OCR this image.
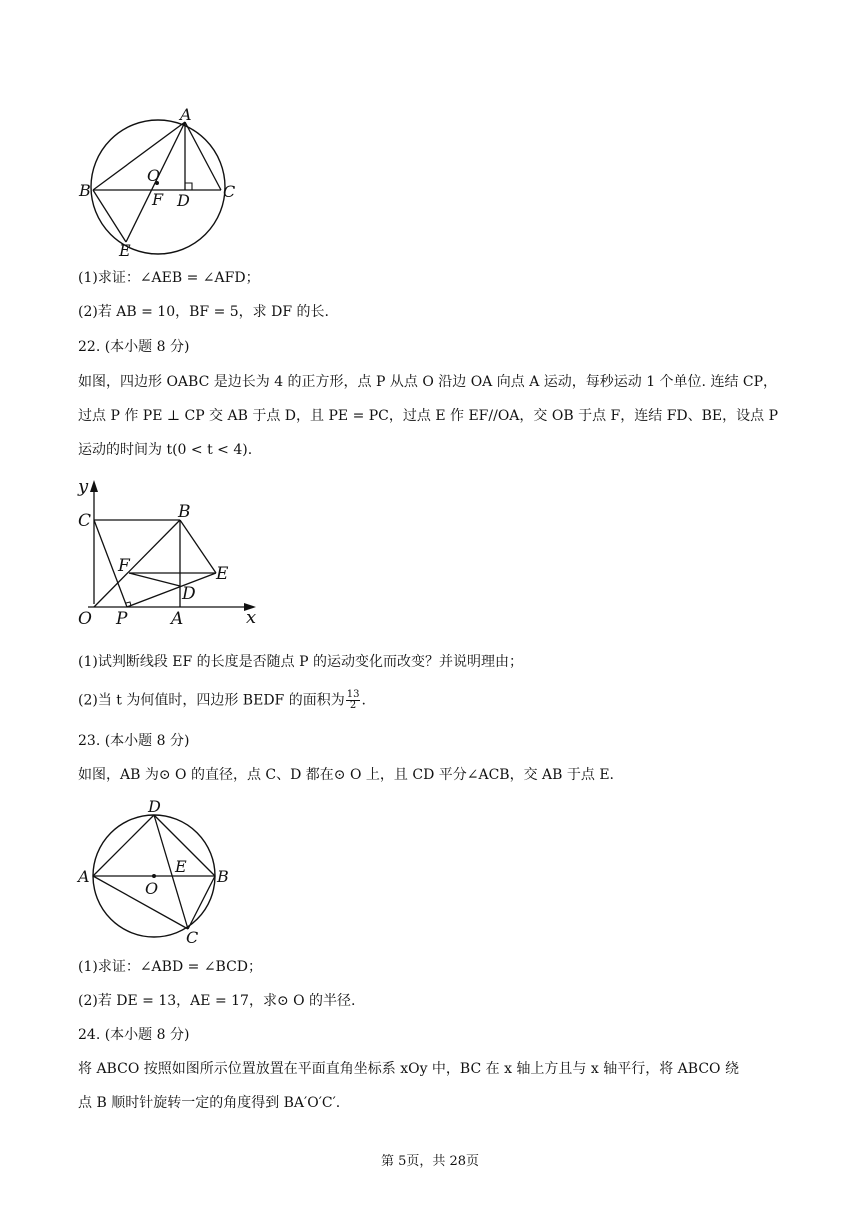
A
B	C
O
F D
E
(1)求证：∠AEB = ∠AFD；
(2)若 AB = 10，BF = 5，求 DF 的长.
22. (本小题 8 分)
如图，四边形 OABC 是边长为 4 的正方形，点 P 从点 O 沿边 OA 向点 A 运动，每秒运动 1 个单位. 连结 CP，
过点 P 作 PE ⊥ CP 交 AB 于点 D，且 PE = PC，过点 E 作 EF//OA，交 OB 于点 F，连结 FD、BE，设点 P
运动的时间为 t(0 < t < 4).
y
x
C	B
F	E
D
O P	A
(1)试判断线段 EF 的长度是否随点 P 的运动变化而改变？并说明理由；
(2)当 t 为何值时，四边形 BEDF 的面积为 $\frac{13}{2}$ .
23. (本小题 8 分)
如图，AB 为⊙ O 的直径，点 C、D 都在⊙ O 上，且 CD 平分∠ACB，交 AB 于点 E.
D
A
O
E
B
C
(1)求证：∠ABD = ∠BCD；
(2)若 DE = 13，AE = 17，求⊙ O 的半径.
24. (本小题 8 分)
将 ABCO 按照如图所示位置放置在平面直角坐标系 xOy 中，BC 在 x 轴上方且与 x 轴平行，将 ABCO 绕
点 B 顺时针旋转一定的角度得到 BA′O′C′.
第 5页，共 28页
